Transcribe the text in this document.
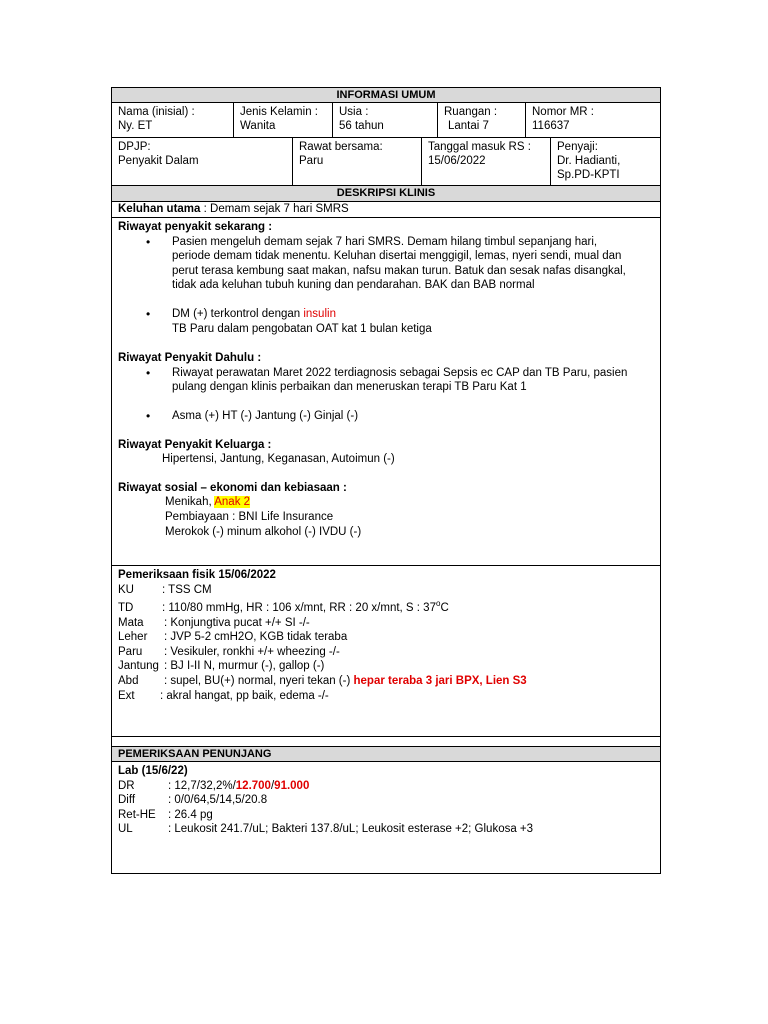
INFORMASI UMUM
Nama (inisial) :
Ny. ET
Jenis Kelamin :
Wanita
Usia :
56 tahun
Ruangan :
Lantai 7
Nomor MR :
116637
DPJP:
Penyakit Dalam
Rawat bersama:
Paru
Tanggal masuk RS :
15/06/2022
Penyaji:
Dr. Hadianti,
Sp.PD-KPTI
DESKRIPSI KLINIS
Keluhan utama : Demam sejak 7 hari SMRS
Riwayat penyakit sekarang :
• Pasien mengeluh demam sejak 7 hari SMRS. Demam hilang timbul sepanjang hari, periode demam tidak menentu. Keluhan disertai menggigil, lemas, nyeri sendi, mual dan perut terasa kembung saat makan, nafsu makan turun. Batuk dan sesak nafas disangkal, tidak ada keluhan tubuh kuning dan pendarahan. BAK dan BAB normal
• DM (+) terkontrol dengan insulin
TB Paru dalam pengobatan OAT kat 1 bulan ketiga
Riwayat Penyakit Dahulu :
• Riwayat perawatan Maret 2022 terdiagnosis sebagai Sepsis ec CAP dan TB Paru, pasien pulang dengan klinis perbaikan dan meneruskan terapi TB Paru Kat 1
• Asma (+) HT (-) Jantung (-) Ginjal (-)
Riwayat Penyakit Keluarga :
Hipertensi, Jantung, Keganasan, Autoimun (-)
Riwayat sosial – ekonomi dan kebiasaan :
Menikah, Anak 2
Pembiayaan : BNI Life Insurance
Merokok (-) minum alkohol (-) IVDU (-)
Pemeriksaan fisik 15/06/2022
KU : TSS CM
TD : 110/80 mmHg, HR : 106 x/mnt, RR : 20 x/mnt, S : 37$^o$C
Mata : Konjungtiva pucat +/+ SI -/-
Leher : JVP 5-2 cmH2O, KGB tidak teraba
Paru : Vesikuler, ronkhi +/+ wheezing -/-
Jantung : BJ I-II N, murmur (-), gallop (-)
Abd : supel, BU(+) normal, nyeri tekan (-) hepar teraba 3 jari BPX, Lien S3
Ext : akral hangat, pp baik, edema -/-
PEMERIKSAAN PENUNJANG
Lab (15/6/22)
DR	: 12,7/32,2%/12.700/91.000
Diff	: 0/0/64,5/14,5/20.8
Ret-HE : 26.4 pg
UL	: Leukosit 241.7/uL; Bakteri 137.8/uL; Leukosit esterase +2; Glukosa +3
